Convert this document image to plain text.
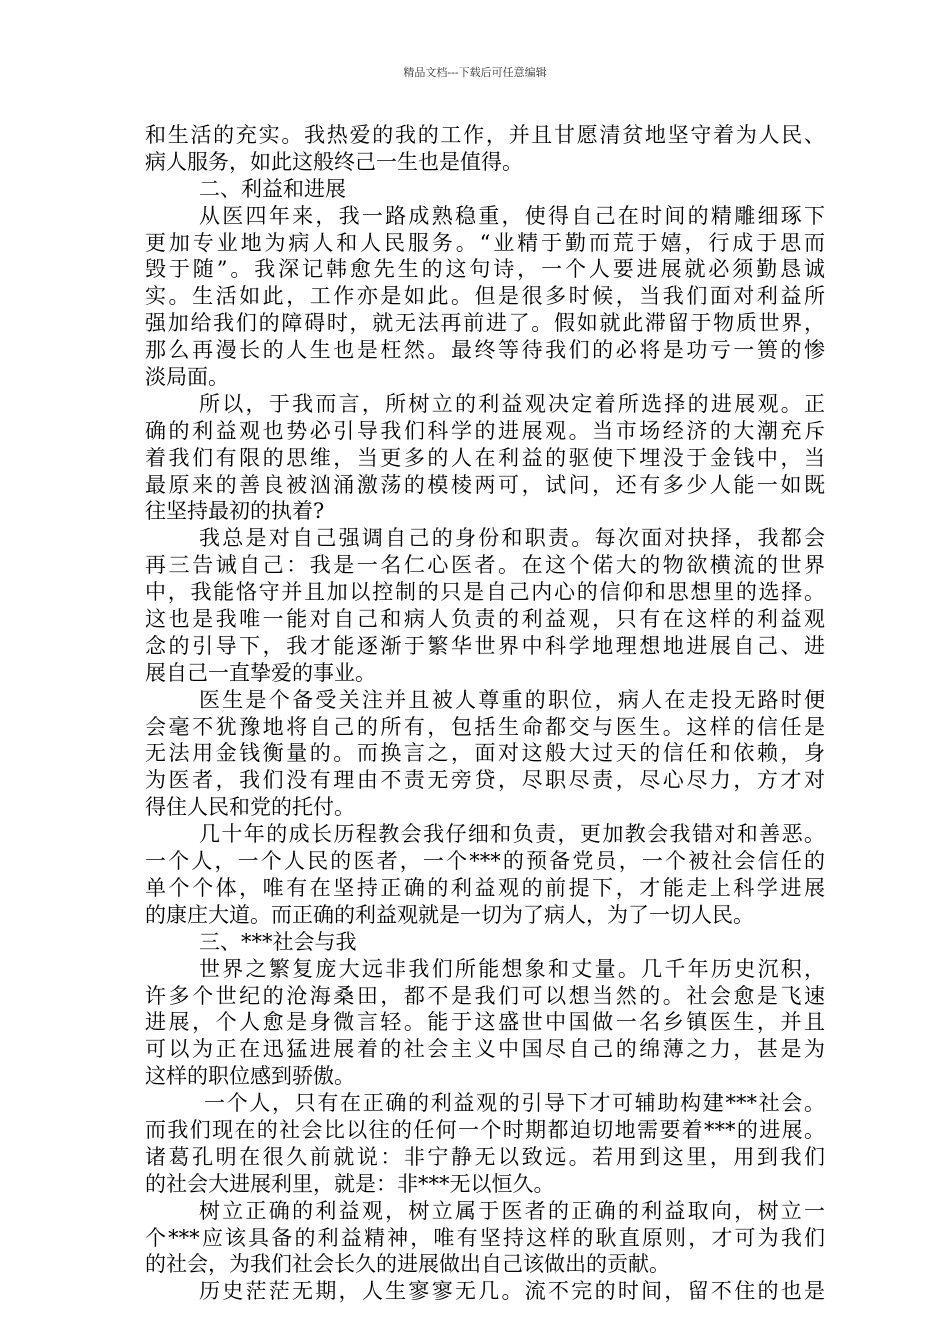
精品文档---下载后可任意编辑
和生活的充实。我热爱的我的工作，并且甘愿清贫地坚守着为人民、
病人服务，如此这般终己一生也是值得。
二、利益和进展
从医四年来，我一路成熟稳重，使得自己在时间的精雕细琢下
更加专业地为病人和人民服务。“业精于勤而荒于嬉，行成于思而
毁于随”。我深记韩愈先生的这句诗，一个人要进展就必须勤恳诚
实。生活如此，工作亦是如此。但是很多时候，当我们面对利益所
强加给我们的障碍时，就无法再前进了。假如就此滞留于物质世界，
那么再漫长的人生也是枉然。最终等待我们的必将是功亏一篑的惨
淡局面。
所以，于我而言，所树立的利益观决定着所选择的进展观。正
确的利益观也势必引导我们科学的进展观。当市场经济的大潮充斥
着我们有限的思维，当更多的人在利益的驱使下埋没于金钱中，当
最原来的善良被汹涌激荡的模棱两可，试问，还有多少人能一如既
往坚持最初的执着?
我总是对自己强调自己的身份和职责。每次面对抉择，我都会
再三告诫自己：我是一名仁心医者。在这个偌大的物欲横流的世界
中，我能恪守并且加以控制的只是自己内心的信仰和思想里的选择。
这也是我唯一能对自己和病人负责的利益观，只有在这样的利益观
念的引导下，我才能逐渐于繁华世界中科学地理想地进展自己、进
展自己一直挚爱的事业。
医生是个备受关注并且被人尊重的职位，病人在走投无路时便
会毫不犹豫地将自己的所有，包括生命都交与医生。这样的信任是
无法用金钱衡量的。而换言之，面对这般大过天的信任和依赖，身
为医者，我们没有理由不责无旁贷，尽职尽责，尽心尽力，方才对
得住人民和党的托付。
几十年的成长历程教会我仔细和负责，更加教会我错对和善恶。
一个人，一个人民的医者，一个***的预备党员，一个被社会信任的
单个个体，唯有在坚持正确的利益观的前提下，才能走上科学进展
的康庄大道。而正确的利益观就是一切为了病人，为了一切人民。
三、***社会与我
世界之繁复庞大远非我们所能想象和丈量。几千年历史沉积，
许多个世纪的沧海桑田，都不是我们可以想当然的。社会愈是飞速
进展，个人愈是身微言轻。能于这盛世中国做一名乡镇医生，并且
可以为正在迅猛进展着的社会主义中国尽自己的绵薄之力，甚是为
这样的职位感到骄傲。
一个人，只有在正确的利益观的引导下才可辅助构建***社会。
而我们现在的社会比以往的任何一个时期都迫切地需要着***的进展。
诸葛孔明在很久前就说：非宁静无以致远。若用到这里，用到我们
的社会大进展利里，就是：非***无以恒久。
树立正确的利益观，树立属于医者的正确的利益取向，树立一
个***应该具备的利益精神，唯有坚持这样的耿直原则，才可为我们
的社会，为我们社会长久的进展做出自己该做出的贡献。
历史茫茫无期，人生寥寥无几。流不完的时间，留不住的也是
